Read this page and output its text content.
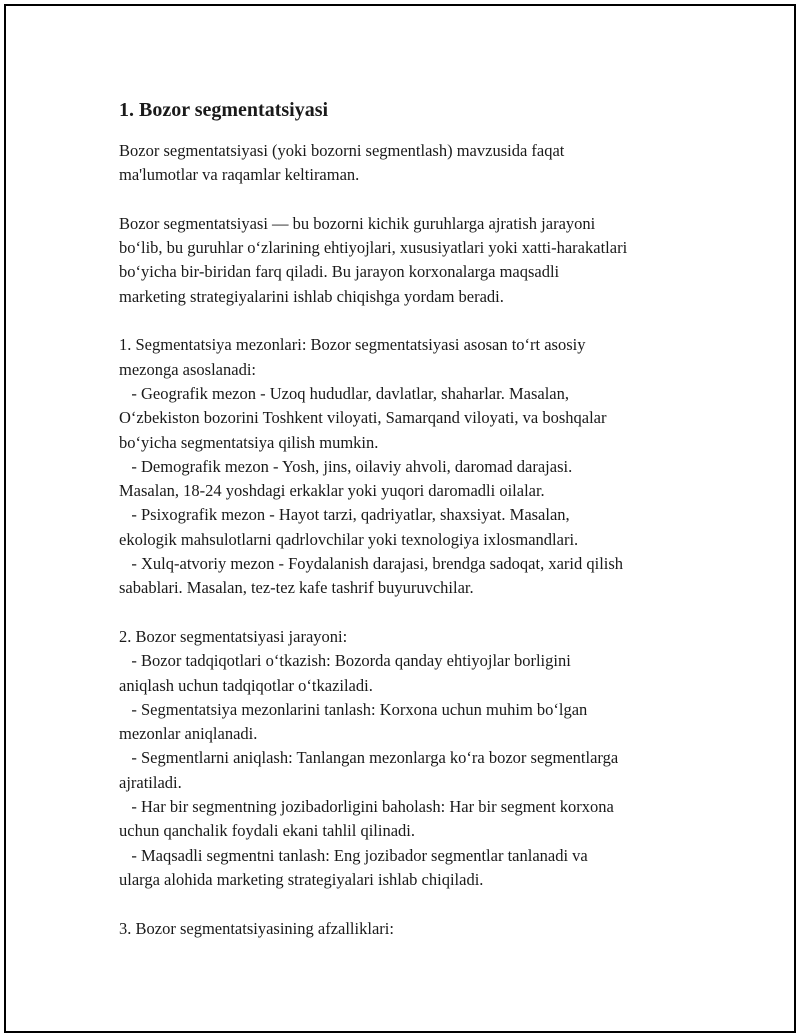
1. Bozor segmentatsiyasi

Bozor segmentatsiyasi (yoki bozorni segmentlash) mavzusida faqat
ma'lumotlar va raqamlar keltiraman.

Bozor segmentatsiyasi — bu bozorni kichik guruhlarga ajratish jarayoni
bo‘lib, bu guruhlar o‘zlarining ehtiyojlari, xususiyatlari yoki xatti-harakatlari
bo‘yicha bir-biridan farq qiladi. Bu jarayon korxonalarga maqsadli
marketing strategiyalarini ishlab chiqishga yordam beradi.

1. Segmentatsiya mezonlari: Bozor segmentatsiyasi asosan to‘rt asosiy
mezonga asoslanadi:
- Geografik mezon - Uzoq hududlar, davlatlar, shaharlar. Masalan,
O‘zbekiston bozorini Toshkent viloyati, Samarqand viloyati, va boshqalar
bo‘yicha segmentatsiya qilish mumkin.
- Demografik mezon - Yosh, jins, oilaviy ahvoli, daromad darajasi.
Masalan, 18-24 yoshdagi erkaklar yoki yuqori daromadli oilalar.
- Psixografik mezon - Hayot tarzi, qadriyatlar, shaxsiyat. Masalan,
ekologik mahsulotlarni qadrlovchilar yoki texnologiya ixlosmandlari.
- Xulq-atvoriy mezon - Foydalanish darajasi, brendga sadoqat, xarid qilish
sabablari. Masalan, tez-tez kafe tashrif buyuruvchilar.

2. Bozor segmentatsiyasi jarayoni:
- Bozor tadqiqotlari o‘tkazish: Bozorda qanday ehtiyojlar borligini
aniqlash uchun tadqiqotlar o‘tkaziladi.
- Segmentatsiya mezonlarini tanlash: Korxona uchun muhim bo‘lgan
mezonlar aniqlanadi.
- Segmentlarni aniqlash: Tanlangan mezonlarga ko‘ra bozor segmentlarga
ajratiladi.
- Har bir segmentning jozibadorligini baholash: Har bir segment korxona
uchun qanchalik foydali ekani tahlil qilinadi.
- Maqsadli segmentni tanlash: Eng jozibador segmentlar tanlanadi va
ularga alohida marketing strategiyalari ishlab chiqiladi.

3. Bozor segmentatsiyasining afzalliklari:
